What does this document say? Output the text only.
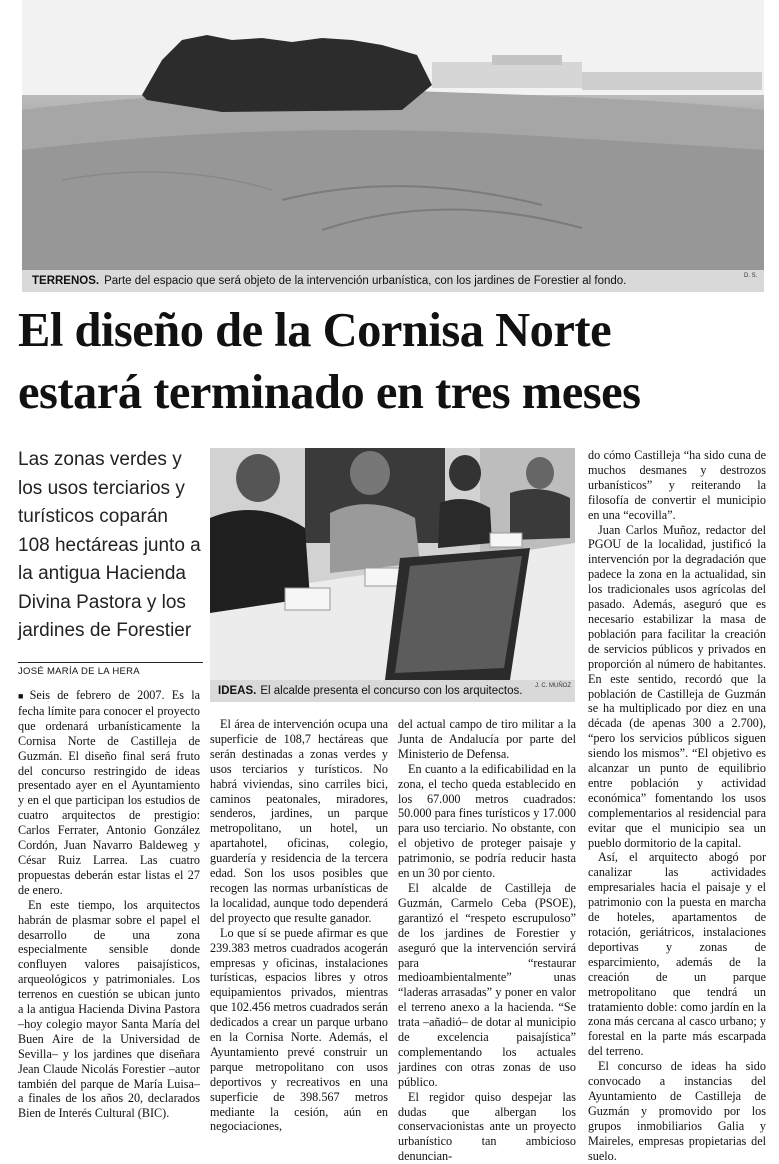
TERRENOS. Parte del espacio que será objeto de la intervención urbanística, con los jardines de Forestier al fondo.	D. S.
El diseño de la Cornisa Norte
estará terminado en tres meses
Las zonas verdes y los usos terciarios y turísticos coparán 108 hectáreas junto a la antigua Hacienda Divina Pastora y los jardines de Forestier
JOSÉ MARÍA DE LA HERA
IDEAS. El alcalde presenta el concurso con los arquitectos.	J. C. MUÑOZ

■ Seis de febrero de 2007. Es la fecha límite para conocer el proyecto que ordenará urbanísticamente la Cornisa Norte de Castilleja de Guzmán. El diseño final será fruto del concurso restringido de ideas presentado ayer en el Ayuntamiento y en el que participan los estudios de cuatro arquitectos de prestigio: Carlos Ferrater, Antonio González Cordón, Juan Navarro Baldeweg y César Ruiz Larrea. Las cuatro propuestas deberán estar listas el 27 de enero.

En este tiempo, los arquitectos habrán de plasmar sobre el papel el desarrollo de una zona especialmente sensible donde confluyen valores paisajísticos, arqueológicos y patrimoniales. Los terrenos en cuestión se ubican junto a la antigua Hacienda Divina Pastora –hoy colegio mayor Santa María del Buen Aire de la Universidad de Sevilla– y los jardines que diseñara Jean Claude Nicolás Forestier –autor también del parque de María Luisa– a finales de los años 20, declarados Bien de Interés Cultural (BIC).

El área de intervención ocupa una superficie de 108,7 hectáreas que serán destinadas a zonas verdes y usos terciarios y turísticos. No habrá viviendas, sino carriles bici, caminos peatonales, miradores, senderos, jardines, un parque metropolitano, un hotel, un apartahotel, oficinas, colegio, guardería y residencia de la tercera edad. Son los usos posibles que recogen las normas urbanísticas de la localidad, aunque todo dependerá del proyecto que resulte ganador.

Lo que sí se puede afirmar es que 239.383 metros cuadrados acogerán empresas y oficinas, instalaciones turísticas, espacios libres y otros equipamientos privados, mientras que 102.456 metros cuadrados serán dedicados a crear un parque urbano en la Cornisa Norte. Además, el Ayuntamiento prevé construir un parque metropolitano con usos deportivos y recreativos en una superficie de 398.567 metros mediante la cesión, aún en negociaciones,

del actual campo de tiro militar a la Junta de Andalucía por parte del Ministerio de Defensa.

En cuanto a la edificabilidad en la zona, el techo queda establecido en los 67.000 metros cuadrados: 50.000 para fines turísticos y 17.000 para uso terciario. No obstante, con el objetivo de proteger paisaje y patrimonio, se podría reducir hasta en un 30 por ciento.

El alcalde de Castilleja de Guzmán, Carmelo Ceba (PSOE), garantizó el “respeto escrupuloso” de los jardines de Forestier y aseguró que la intervención servirá para “restaurar medioambientalmente” unas “laderas arrasadas” y poner en valor el terreno anexo a la hacienda. “Se trata –añadió– de dotar al municipio de excelencia paisajística” complementando los actuales jardines con otras zonas de uso público.

El regidor quiso despejar las dudas que albergan los conservacionistas ante un proyecto urbanístico tan ambicioso denuncian-

do cómo Castilleja “ha sido cuna de muchos desmanes y destrozos urbanísticos” y reiterando la filosofía de convertir el municipio en una “ecovilla”.

Juan Carlos Muñoz, redactor del PGOU de la localidad, justificó la intervención por la degradación que padece la zona en la actualidad, sin los tradicionales usos agrícolas del pasado. Además, aseguró que es necesario estabilizar la masa de población para facilitar la creación de servicios públicos y privados en proporción al número de habitantes. En este sentido, recordó que la población de Castilleja de Guzmán se ha multiplicado por diez en una década (de apenas 300 a 2.700), “pero los servicios públicos siguen siendo los mismos”. “El objetivo es alcanzar un punto de equilibrio entre población y actividad económica” fomentando los usos complementarios al residencial para evitar que el municipio sea un pueblo dormitorio de la capital.

Así, el arquitecto abogó por canalizar las actividades empresariales hacia el paisaje y el patrimonio con la puesta en marcha de hoteles, apartamentos de rotación, geriátricos, instalaciones deportivas y zonas de esparcimiento, además de la creación de un parque metropolitano que tendrá un tratamiento doble: como jardín en la zona más cercana al casco urbano; y forestal en la parte más escarpada del terreno.

El concurso de ideas ha sido convocado a instancias del Ayuntamiento de Castilleja de Guzmán y promovido por los grupos inmobiliarios Galia y Maireles, empresas propietarias del suelo.
